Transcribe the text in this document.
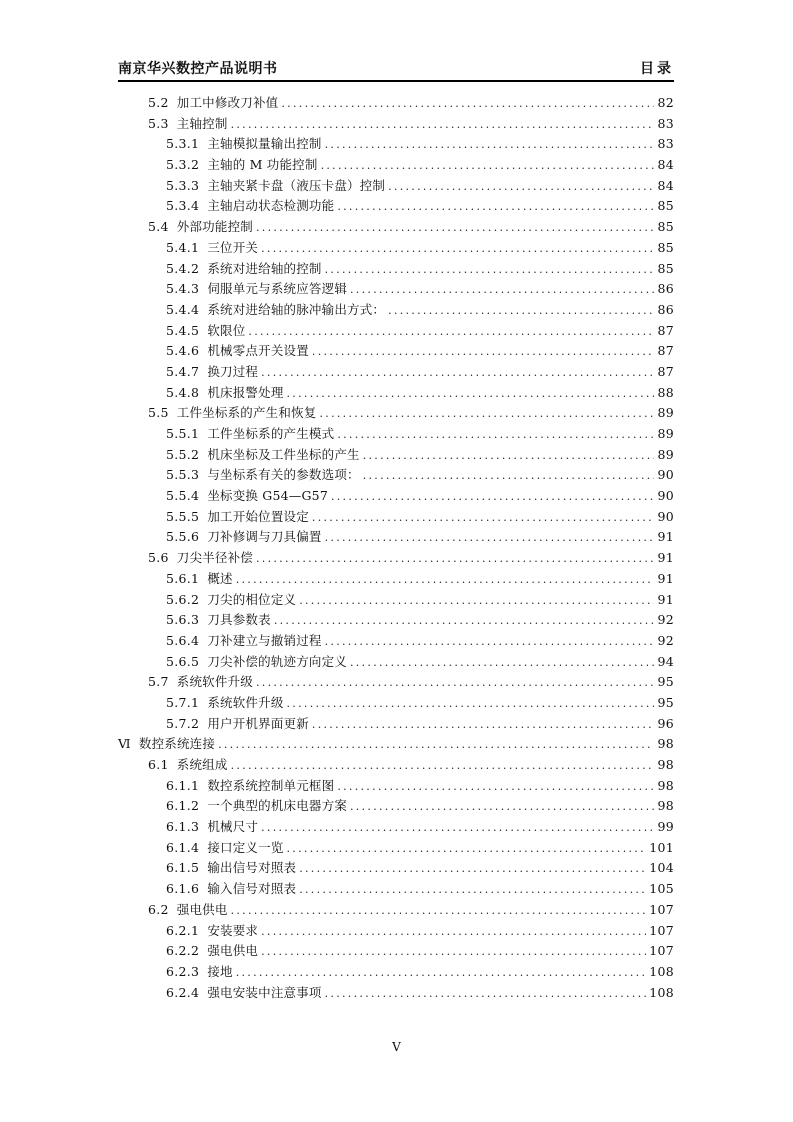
南京华兴数控产品说明书	目录
5.2 加工中修改刀补值 .....	82
5.3 主轴控制 .....	83
5.3.1 主轴模拟量输出控制 .....	83
5.3.2 主轴的 M 功能控制 .....	84
5.3.3 主轴夹紧卡盘（液压卡盘）控制 .....	84
5.3.4 主轴启动状态检测功能 .....	85
5.4 外部功能控制 .....	85
5.4.1 三位开关 .....	85
5.4.2 系统对进给轴的控制 .....	85
5.4.3 伺服单元与系统应答逻辑 .....	86
5.4.4 系统对进给轴的脉冲输出方式： .....	86
5.4.5 软限位 .....	87
5.4.6 机械零点开关设置 .....	87
5.4.7 换刀过程 .....	87
5.4.8 机床报警处理 .....	88
5.5 工件坐标系的产生和恢复 .....	89
5.5.1 工件坐标系的产生模式 .....	89
5.5.2 机床坐标及工件坐标的产生 .....	89
5.5.3 与坐标系有关的参数选项： .....	90
5.5.4 坐标变换 G54—G57 .....	90
5.5.5 加工开始位置设定 .....	90
5.5.6 刀补修调与刀具偏置 .....	91
5.6 刀尖半径补偿 .....	91
5.6.1 概述 .....	91
5.6.2 刀尖的相位定义 .....	91
5.6.3 刀具参数表 .....	92
5.6.4 刀补建立与撤销过程 .....	92
5.6.5 刀尖补偿的轨迹方向定义 .....	94
5.7 系统软件升级 .....	95
5.7.1 系统软件升级 .....	95
5.7.2 用户开机界面更新 .....	96
Ⅵ 数控系统连接 .....	98
6.1 系统组成 .....	98
6.1.1 数控系统控制单元框图 .....	98
6.1.2 一个典型的机床电器方案 .....	98
6.1.3 机械尺寸 .....	99
6.1.4 接口定义一览 .....	101
6.1.5 输出信号对照表 .....	104
6.1.6 输入信号对照表 .....	105
6.2 强电供电 .....	107
6.2.1 安装要求 .....	107
6.2.2 强电供电 .....	107
6.2.3 接地 .....	108
6.2.4 强电安装中注意事项 .....	108
V
